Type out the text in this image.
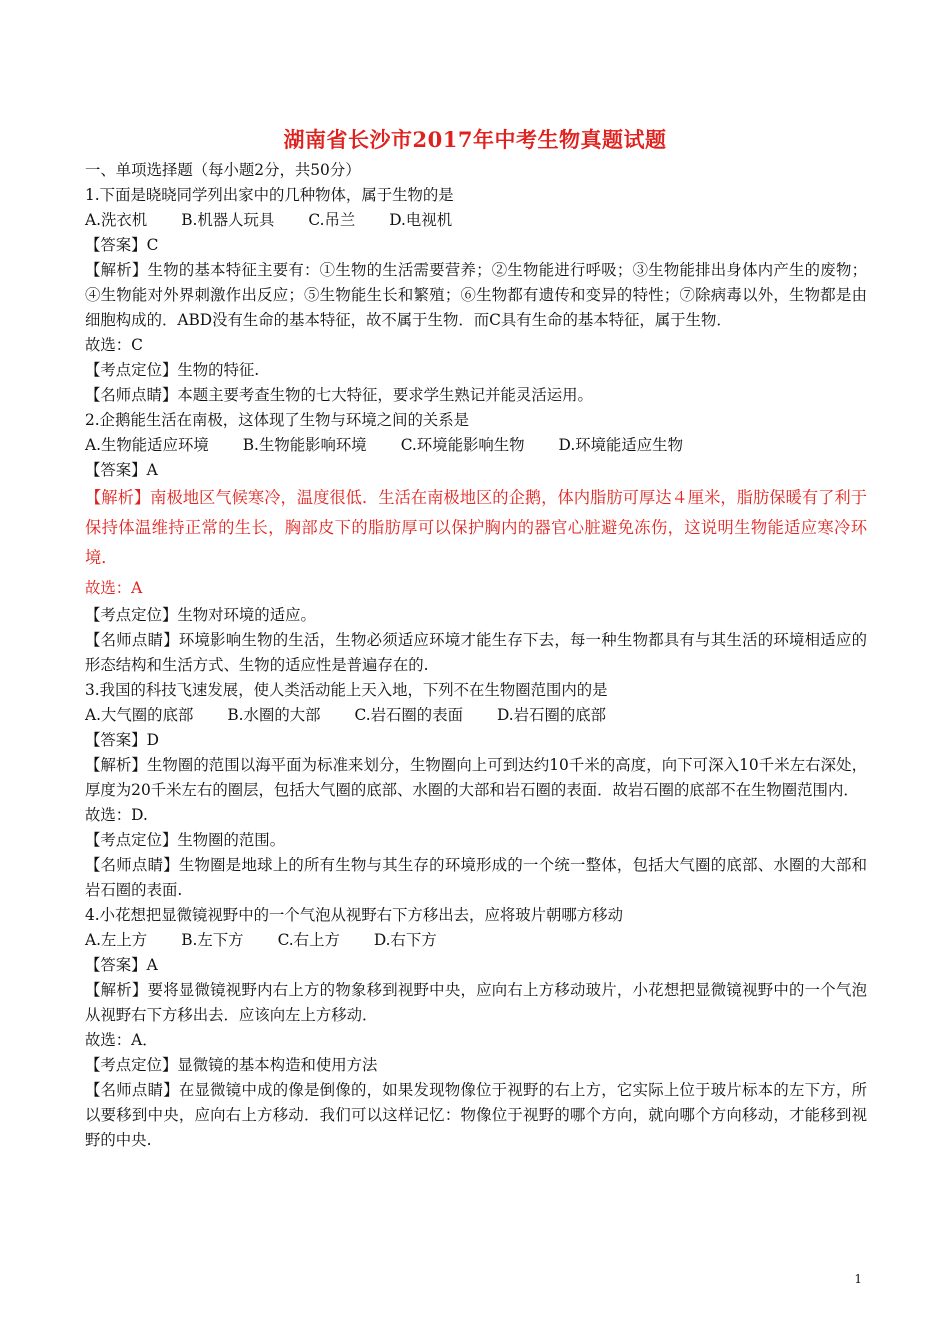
湖南省长沙市2017年中考生物真题试题
一、单项选择题（每小题2分，共50分）
1.下面是晓晓同学列出家中的几种物体，属于生物的是
A.洗衣机 B.机器人玩具 C.吊兰 D.电视机
【答案】C
【解析】生物的基本特征主要有：①生物的生活需要营养；②生物能进行呼吸；③生物能排出身体内产生的废物；④生物能对外界刺激作出反应；⑤生物能生长和繁殖；⑥生物都有遗传和变异的特性；⑦除病毒以外，生物都是由细胞构成的．ABD没有生命的基本特征，故不属于生物．而C具有生命的基本特征，属于生物．
故选：C
【考点定位】生物的特征.
【名师点睛】本题主要考查生物的七大特征，要求学生熟记并能灵活运用。
2.企鹅能生活在南极，这体现了生物与环境之间的关系是
A.生物能适应环境 B.生物能影响环境 C.环境能影响生物 D.环境能适应生物
【答案】A
【解析】南极地区气候寒冷，温度很低．生活在南极地区的企鹅，体内脂肪可厚达４厘米，脂肪保暖有了利于保持体温维持正常的生长，胸部皮下的脂肪厚可以保护胸内的器官心脏避免冻伤，这说明生物能适应寒冷环境．
故选：A
【考点定位】生物对环境的适应。
【名师点睛】环境影响生物的生活，生物必须适应环境才能生存下去，每一种生物都具有与其生活的环境相适应的形态结构和生活方式、生物的适应性是普遍存在的.
3.我国的科技飞速发展，使人类活动能上天入地，下列不在生物圈范围内的是
A.大气圈的底部 B.水圈的大部 C.岩石圈的表面 D.岩石圈的底部
【答案】D
【解析】生物圈的范围以海平面为标准来划分，生物圈向上可到达约10千米的高度，向下可深入10千米左右深处，厚度为20千米左右的圈层，包括大气圈的底部、水圈的大部和岩石圈的表面．故岩石圈的底部不在生物圈范围内．
故选：D.
【考点定位】生物圈的范围。
【名师点睛】生物圈是地球上的所有生物与其生存的环境形成的一个统一整体，包括大气圈的底部、水圈的大部和岩石圈的表面.
4.小花想把显微镜视野中的一个气泡从视野右下方移出去，应将玻片朝哪方移动
A.左上方 B.左下方 C.右上方 D.右下方
【答案】A
【解析】要将显微镜视野内右上方的物象移到视野中央，应向右上方移动玻片，小花想把显微镜视野中的一个气泡从视野右下方移出去．应该向左上方移动．
故选：A．
【考点定位】显微镜的基本构造和使用方法
【名师点睛】在显微镜中成的像是倒像的，如果发现物像位于视野的右上方，它实际上位于玻片标本的左下方，所以要移到中央，应向右上方移动．我们可以这样记忆：物像位于视野的哪个方向，就向哪个方向移动，才能移到视野的中央.
1
